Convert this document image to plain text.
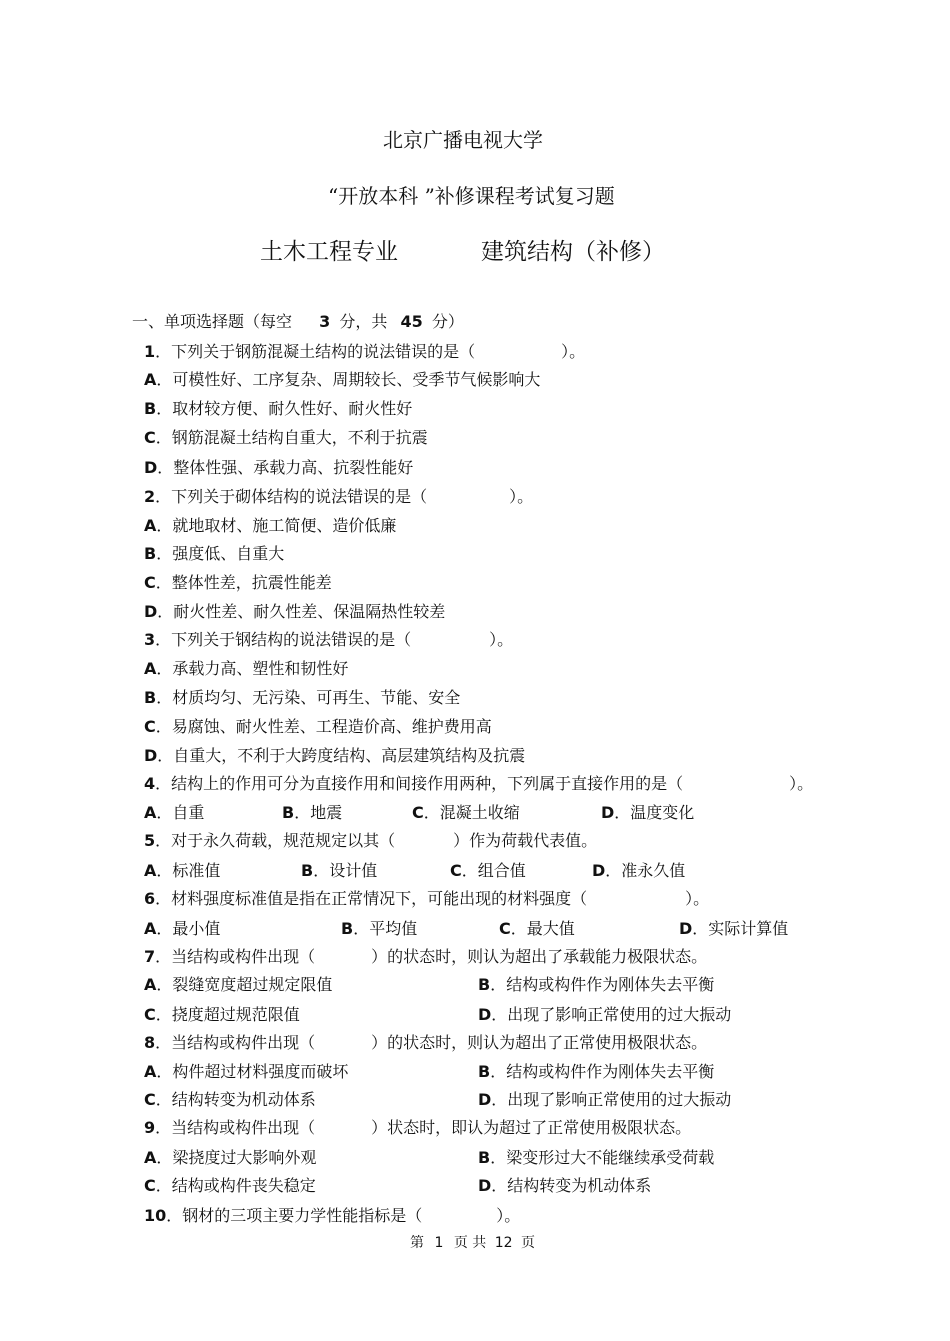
北京广播电视大学
“开放本科 ”补修课程考试复习题
土木工程专业	建筑结构（补修）
一、单项选择题（每空 3 分，共 45 分）
1．下列关于钢筋混凝土结构的说法错误的是（	）。
A．可模性好、工序复杂、周期较长、受季节气候影响大
B．取材较方便、耐久性好、耐火性好
C．钢筋混凝土结构自重大，不利于抗震
D．整体性强、承载力高、抗裂性能好
2．下列关于砌体结构的说法错误的是（	）。
A．就地取材、施工简便、造价低廉
B．强度低、自重大
C．整体性差，抗震性能差
D．耐火性差、耐久性差、保温隔热性较差
3．下列关于钢结构的说法错误的是（	）。
A．承载力高、塑性和韧性好
B．材质均匀、无污染、可再生、节能、安全
C．易腐蚀、耐火性差、工程造价高、维护费用高
D．自重大，不利于大跨度结构、高层建筑结构及抗震
4．结构上的作用可分为直接作用和间接作用两种，下列属于直接作用的是（	）。
A．自重	B．地震	C．混凝土收缩	D．温度变化
5．对于永久荷载，规范规定以其（	）作为荷载代表值。
A．标准值	B．设计值	C．组合值	D．准永久值
6．材料强度标准值是指在正常情况下，可能出现的材料强度（	）。
A．最小值	B．平均值	C．最大值	D．实际计算值
7．当结构或构件出现（	）的状态时，则认为超出了承载能力极限状态。
A．裂缝宽度超过规定限值	B．结构或构件作为刚体失去平衡
C．挠度超过规范限值	D．出现了影响正常使用的过大振动
8．当结构或构件出现（	）的状态时，则认为超出了正常使用极限状态。
A．构件超过材料强度而破坏	B．结构或构件作为刚体失去平衡
C．结构转变为机动体系	D．出现了影响正常使用的过大振动
9．当结构或构件出现（	）状态时，即认为超过了正常使用极限状态。
A．梁挠度过大影响外观	B．梁变形过大不能继续承受荷载
C．结构或构件丧失稳定	D．结构转变为机动体系
10．钢材的三项主要力学性能指标是（	）。
第 1 页 共 12 页
